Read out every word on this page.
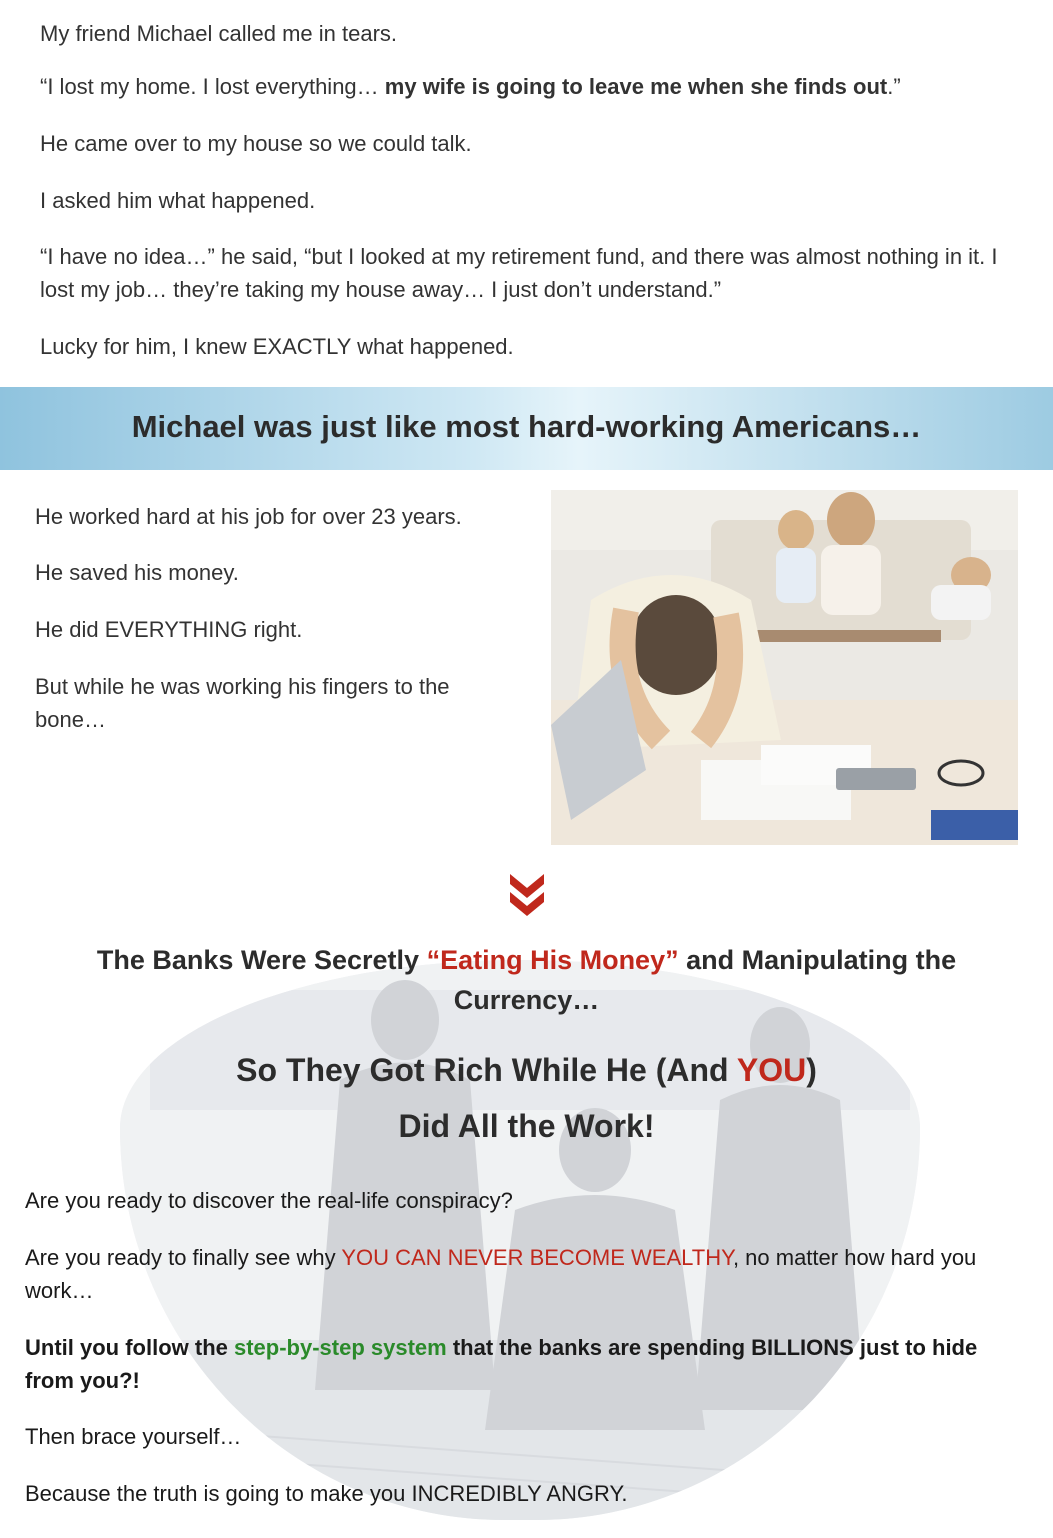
My friend Michael called me in tears.

“I lost my home. I lost everything… my wife is going to leave me when she finds out.”

He came over to my house so we could talk.

I asked him what happened.

“I have no idea…” he said, “but I looked at my retirement fund, and there was almost nothing in it. I lost my job… they’re taking my house away… I just don’t understand.”

Lucky for him, I knew EXACTLY what happened.

Michael was just like most hard-working Americans…

He worked hard at his job for over 23 years.

He saved his money.

He did EVERYTHING right.

But while he was working his fingers to the bone…

The Banks Were Secretly “Eating His Money” and Manipulating the Currency…
So They Got Rich While He (And YOU)
Did All the Work!

Are you ready to discover the real-life conspiracy?

Are you ready to finally see why YOU CAN NEVER BECOME WEALTHY, no matter how hard you work…

Until you follow the step-by-step system that the banks are spending BILLIONS just to hide from you?!

Then brace yourself…

Because the truth is going to make you INCREDIBLY ANGRY.
